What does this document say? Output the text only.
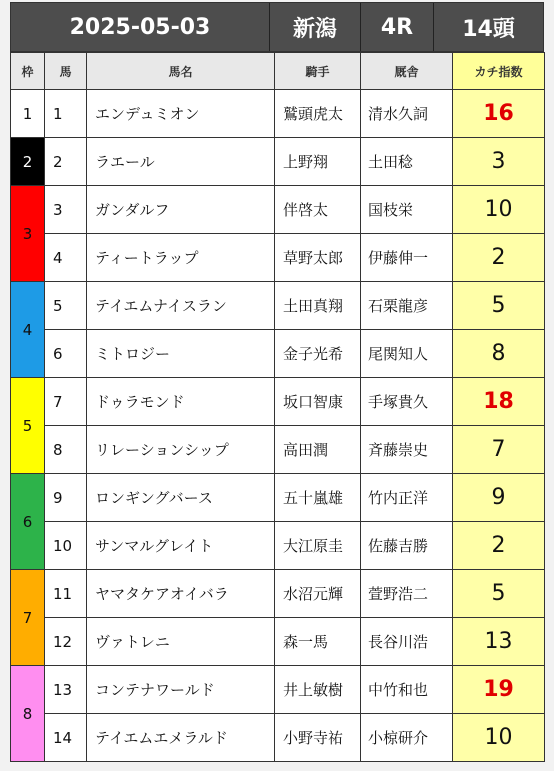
2025-05-03	新潟	4R	14頭
枠	馬	馬名	騎手	厩舎	カチ指数
1	1	エンデュミオン	鷲頭虎太	清水久詞	16
2	2	ラエール	上野翔	土田稔	3
3	3	ガンダルフ	伴啓太	国枝栄	10
	4	ティートラップ	草野太郎	伊藤伸一	2
4	5	テイエムナイスラン	土田真翔	石栗龍彦	5
	6	ミトロジー	金子光希	尾関知人	8
5	7	ドゥラモンド	坂口智康	手塚貴久	18
	8	リレーションシップ	高田潤	斉藤崇史	7
6	9	ロンギングバース	五十嵐雄	竹内正洋	9
	10	サンマルグレイト	大江原圭	佐藤吉勝	2
7	11	ヤマタケアオイバラ	水沼元輝	萱野浩二	5
	12	ヴァトレニ	森一馬	長谷川浩	13
8	13	コンテナワールド	井上敏樹	中竹和也	19
	14	テイエムエメラルド	小野寺祐	小椋研介	10
